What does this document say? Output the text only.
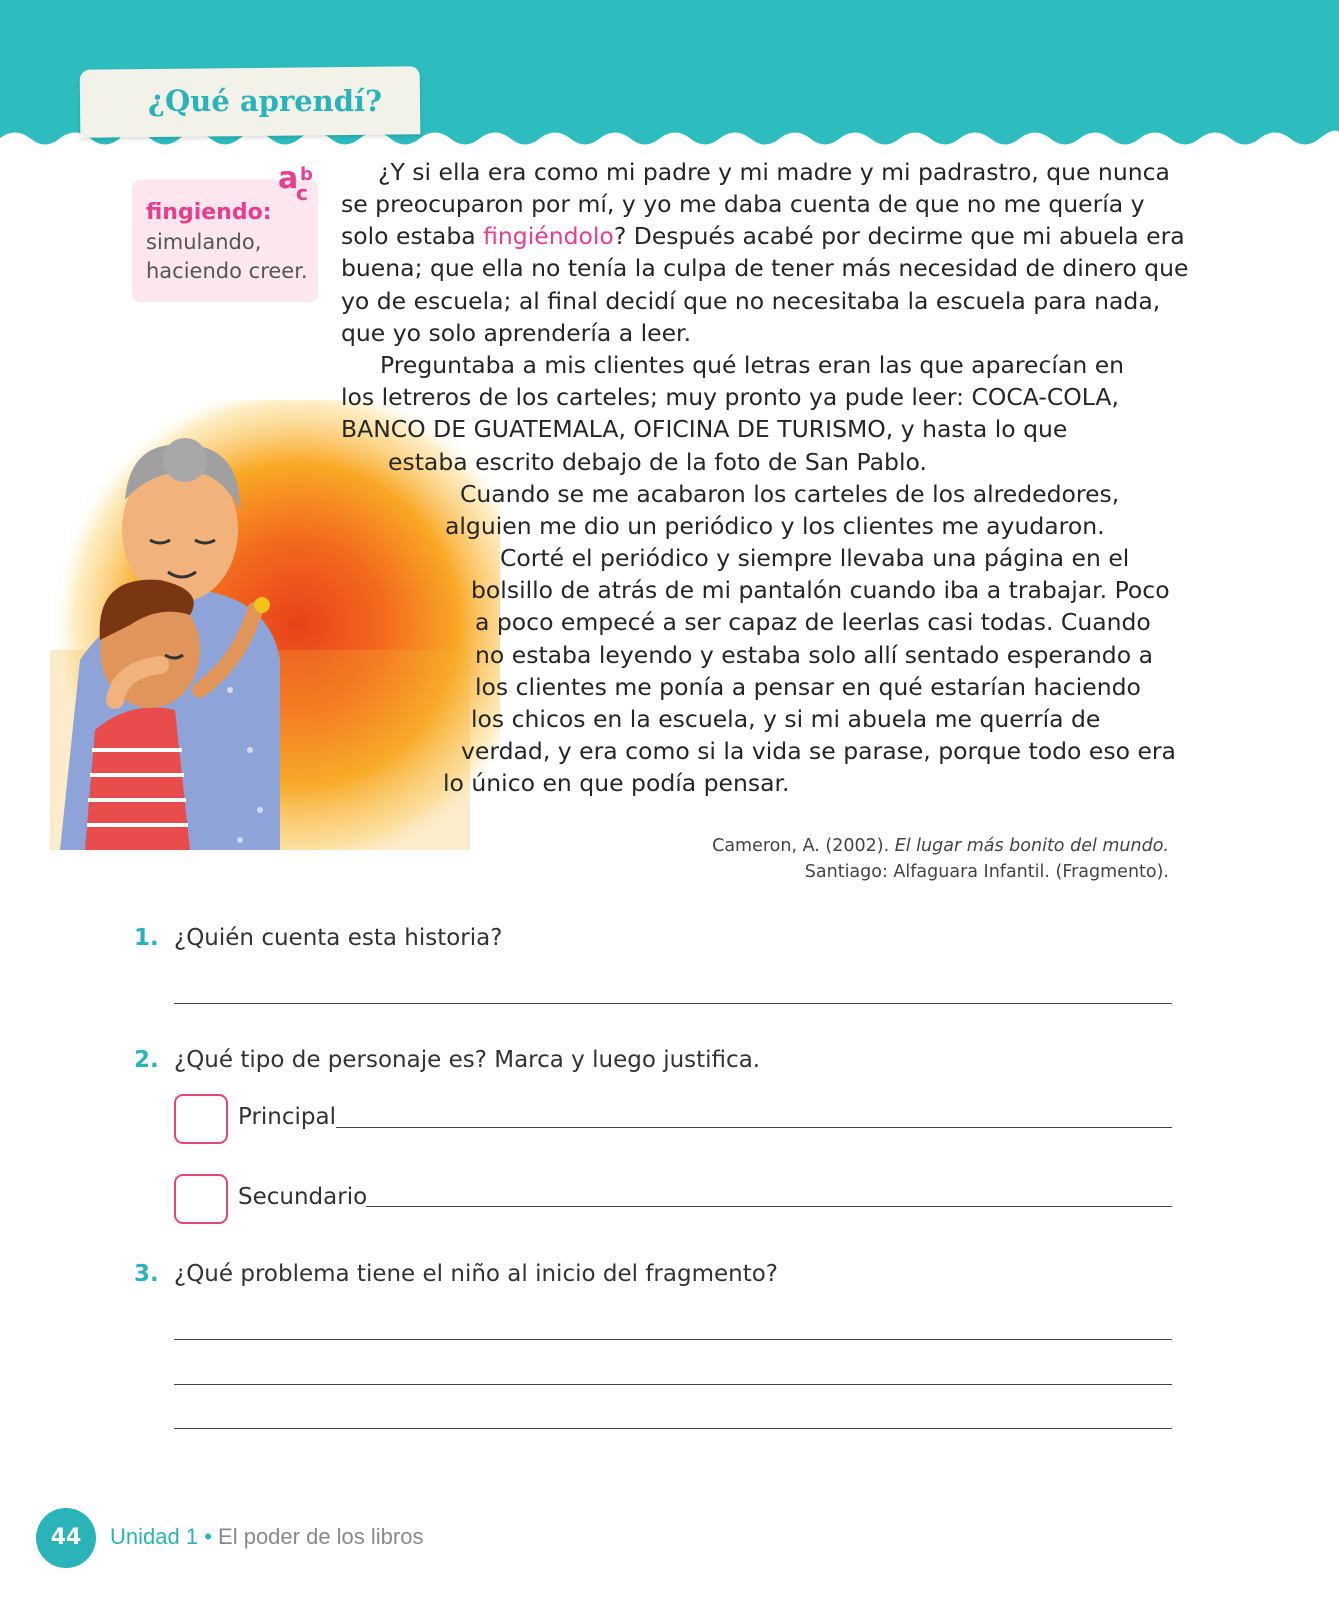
¿Qué aprendí?
a b
c
fingiendo:
simulando,
haciendo creer.
¿Y si ella era como mi padre y mi madre y mi padrastro, que nunca
se preocuparon por mí, y yo me daba cuenta de que no me quería y
solo estaba fingiéndolo? Después acabé por decirme que mi abuela era
buena; que ella no tenía la culpa de tener más necesidad de dinero que
yo de escuela; al final decidí que no necesitaba la escuela para nada,
que yo solo aprendería a leer.
Preguntaba a mis clientes qué letras eran las que aparecían en
los letreros de los carteles; muy pronto ya pude leer: COCA-COLA,
BANCO DE GUATEMALA, OFICINA DE TURISMO, y hasta lo que
estaba escrito debajo de la foto de San Pablo.
Cuando se me acabaron los carteles de los alrededores,
alguien me dio un periódico y los clientes me ayudaron.
Corté el periódico y siempre llevaba una página en el
bolsillo de atrás de mi pantalón cuando iba a trabajar. Poco
a poco empecé a ser capaz de leerlas casi todas. Cuando
no estaba leyendo y estaba solo allí sentado esperando a
los clientes me ponía a pensar en qué estarían haciendo
los chicos en la escuela, y si mi abuela me querría de
verdad, y era como si la vida se parase, porque todo eso era
lo único en que podía pensar.
Cameron, A. (2002). El lugar más bonito del mundo.
Santiago: Alfaguara Infantil. (Fragmento).
1. ¿Quién cuenta esta historia?
2. ¿Qué tipo de personaje es? Marca y luego justifica.
Principal
Secundario
3. ¿Qué problema tiene el niño al inicio del fragmento?
44	Unidad 1 • El poder de los libros
